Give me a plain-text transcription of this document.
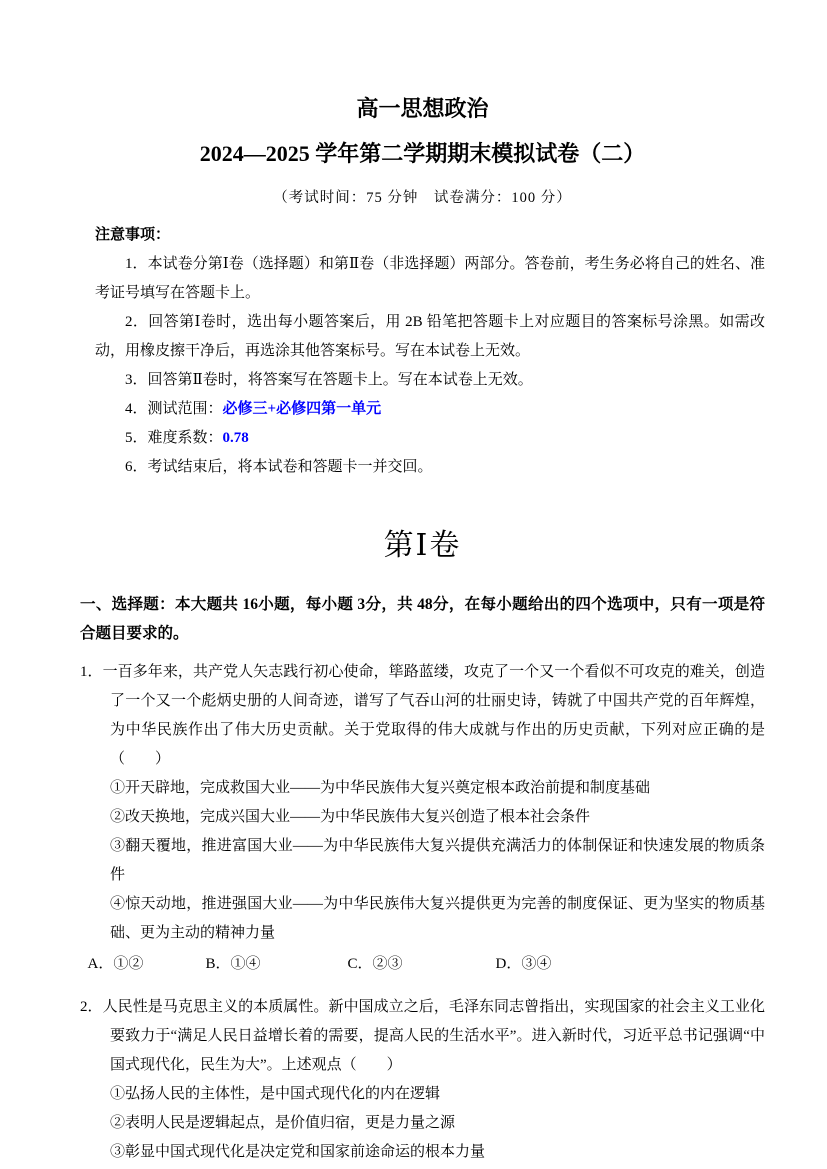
高一思想政治
2024—2025 学年第二学期期末模拟试卷（二）

（考试时间：75 分钟　试卷满分：100 分）

注意事项：

1．本试卷分第Ⅰ卷（选择题）和第Ⅱ卷（非选择题）两部分。答卷前，考生务必将自己的姓名、准考证号填写在答题卡上。

2．回答第Ⅰ卷时，选出每小题答案后，用 2B 铅笔把答题卡上对应题目的答案标号涂黑。如需改动，用橡皮擦干净后，再选涂其他答案标号。写在本试卷上无效。

3．回答第Ⅱ卷时，将答案写在答题卡上。写在本试卷上无效。

4．测试范围：必修三+必修四第一单元

5．难度系数：0.78

6．考试结束后，将本试卷和答题卡一并交回。

第Ⅰ卷

一、选择题：本大题共 16小题，每小题 3分，共 48分，在每小题给出的四个选项中，只有一项是符合题目要求的。

1．一百多年来，共产党人矢志践行初心使命，筚路蓝缕，攻克了一个又一个看似不可攻克的难关，创造了一个又一个彪炳史册的人间奇迹，谱写了气吞山河的壮丽史诗，铸就了中国共产党的百年辉煌，为中华民族作出了伟大历史贡献。关于党取得的伟大成就与作出的历史贡献，下列对应正确的是（　　）

①开天辟地，完成救国大业——为中华民族伟大复兴奠定根本政治前提和制度基础

②改天换地，完成兴国大业——为中华民族伟大复兴创造了根本社会条件

③翻天覆地，推进富国大业——为中华民族伟大复兴提供充满活力的体制保证和快速发展的物质条件

④惊天动地，推进强国大业——为中华民族伟大复兴提供更为完善的制度保证、更为坚实的物质基础、更为主动的精神力量

A．①②	B．①④	C．②③	D．③④

2．人民性是马克思主义的本质属性。新中国成立之后，毛泽东同志曾指出，实现国家的社会主义工业化要致力于“满足人民日益增长着的需要，提高人民的生活水平”。进入新时代，习近平总书记强调“中国式现代化，民生为大”。上述观点（　　）

①弘扬人民的主体性，是中国式现代化的内在逻辑

②表明人民是逻辑起点，是价值归宿，更是力量之源

③彰显中国式现代化是决定党和国家前途命运的根本力量
